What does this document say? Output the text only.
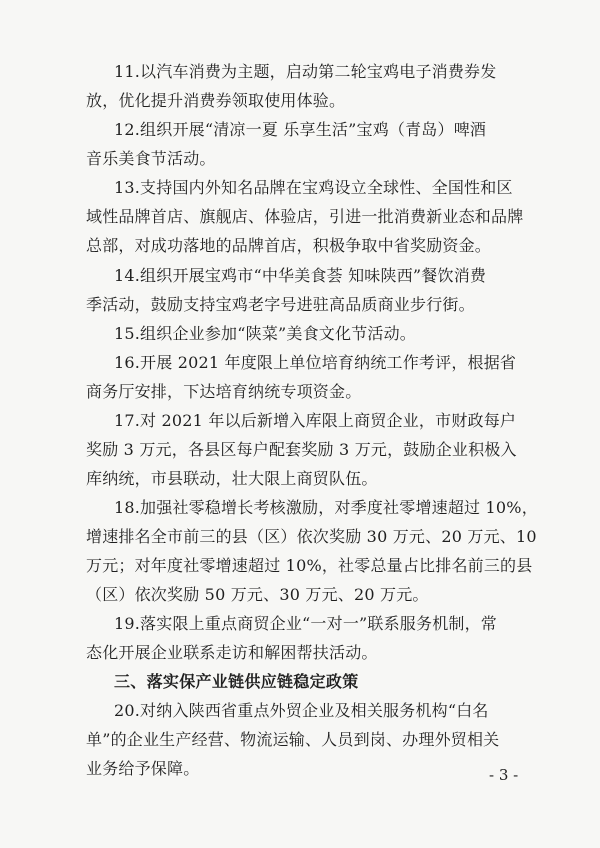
11.以汽车消费为主题，启动第二轮宝鸡电子消费券发
放，优化提升消费券领取使用体验。
12.组织开展“清凉一夏 乐享生活”宝鸡（青岛）啤酒
音乐美食节活动。
13.支持国内外知名品牌在宝鸡设立全球性、全国性和区
域性品牌首店、旗舰店、体验店，引进一批消费新业态和品牌
总部，对成功落地的品牌首店，积极争取中省奖励资金。
14.组织开展宝鸡市“中华美食荟 知味陕西”餐饮消费
季活动，鼓励支持宝鸡老字号进驻高品质商业步行街。
15.组织企业参加“陕菜”美食文化节活动。
16.开展 2021 年度限上单位培育纳统工作考评，根据省
商务厅安排，下达培育纳统专项资金。
17.对 2021 年以后新增入库限上商贸企业，市财政每户
奖励 3 万元，各县区每户配套奖励 3 万元，鼓励企业积极入
库纳统，市县联动，壮大限上商贸队伍。
18.加强社零稳增长考核激励，对季度社零增速超过 10%，
增速排名全市前三的县（区）依次奖励 30 万元、20 万元、10
万元；对年度社零增速超过 10%，社零总量占比排名前三的县
（区）依次奖励 50 万元、30 万元、20 万元。
19.落实限上重点商贸企业“一对一”联系服务机制，常
态化开展企业联系走访和解困帮扶活动。
三、落实保产业链供应链稳定政策
20.对纳入陕西省重点外贸企业及相关服务机构“白名
单”的企业生产经营、物流运输、人员到岗、办理外贸相关
业务给予保障。	- 3 -
